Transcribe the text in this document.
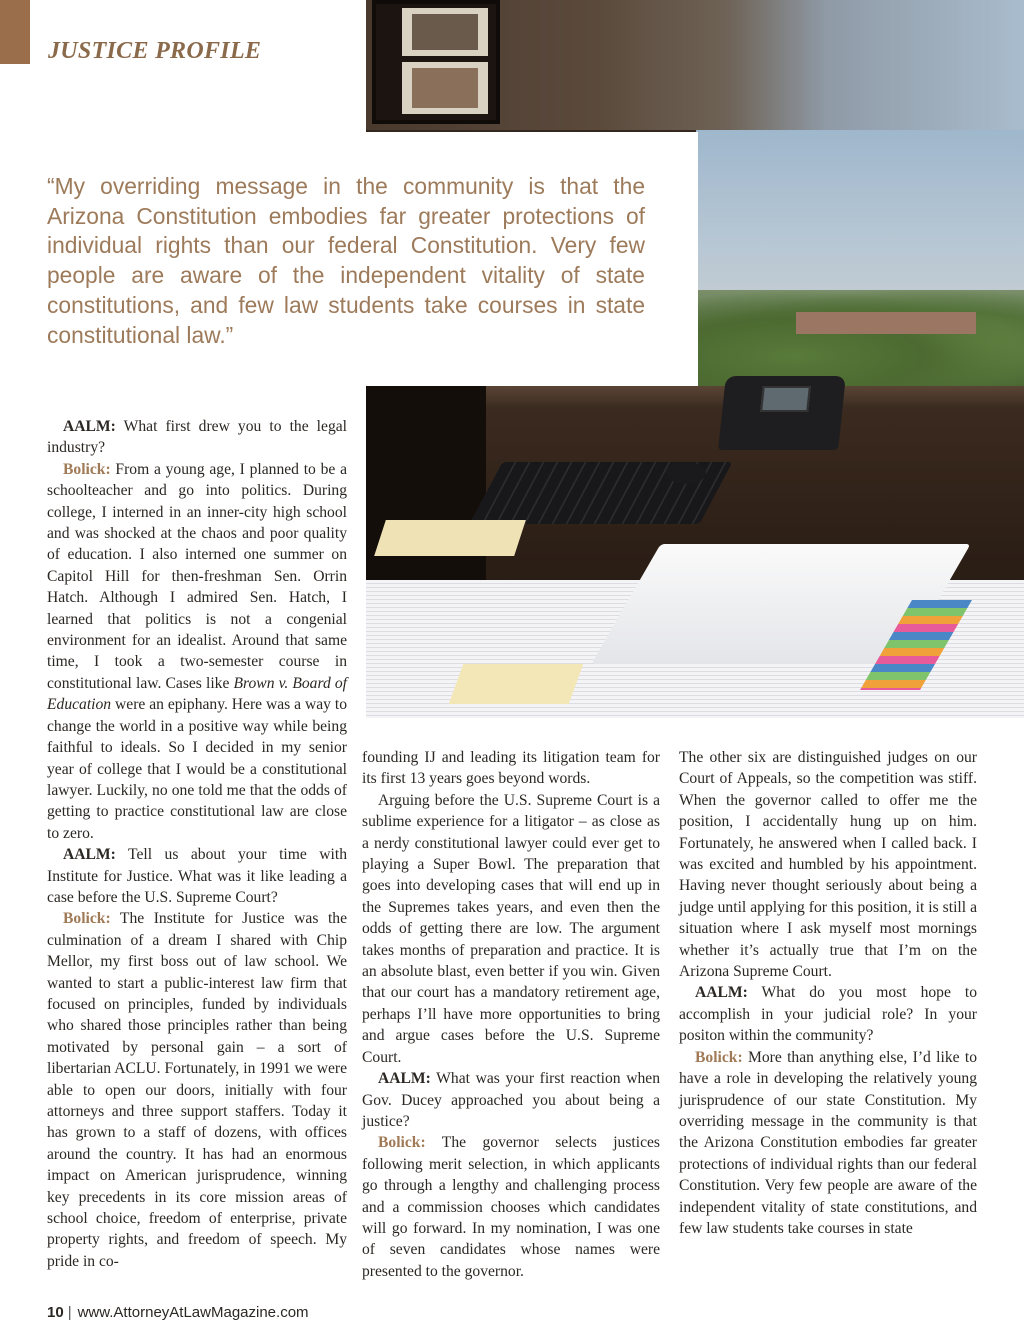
JUSTICE PROFILE

“My overriding message in the community is that the Arizona Constitution embodies far greater protections of individual rights than our federal Constitution. Very few people are aware of the independent vitality of state constitutions, and few law students take courses in state constitutional law.”

AALM: What first drew you to the legal industry?

Bolick: From a young age, I planned to be a schoolteacher and go into politics. During college, I interned in an inner-city high school and was shocked at the chaos and poor quality of education. I also interned one summer on Capitol Hill for then-freshman Sen. Orrin Hatch. Although I admired Sen. Hatch, I learned that politics is not a congenial environment for an idealist. Around that same time, I took a two-semester course in constitutional law. Cases like Brown v. Board of Education were an epiphany. Here was a way to change the world in a positive way while being faithful to ideals. So I decided in my senior year of college that I would be a constitutional lawyer. Luckily, no one told me that the odds of getting to practice constitutional law are close to zero.

AALM: Tell us about your time with Institute for Justice. What was it like leading a case before the U.S. Supreme Court?

Bolick: The Institute for Justice was the culmination of a dream I shared with Chip Mellor, my first boss out of law school. We wanted to start a public-interest law firm that focused on principles, funded by individuals who shared those principles rather than being motivated by personal gain – a sort of libertarian ACLU. Fortunately, in 1991 we were able to open our doors, initially with four attorneys and three support staffers. Today it has grown to a staff of dozens, with offices around the country. It has had an enormous impact on American jurisprudence, winning key precedents in its core mission areas of school choice, freedom of enterprise, private property rights, and freedom of speech. My pride in co-

founding IJ and leading its litigation team for its first 13 years goes beyond words.

Arguing before the U.S. Supreme Court is a sublime experience for a litigator – as close as a nerdy constitutional lawyer could ever get to playing a Super Bowl. The preparation that goes into developing cases that will end up in the Supremes takes years, and even then the odds of getting there are low. The argument takes months of preparation and practice. It is an absolute blast, even better if you win. Given that our court has a mandatory retirement age, perhaps I’ll have more opportunities to bring and argue cases before the U.S. Supreme Court.

AALM: What was your first reaction when Gov. Ducey approached you about being a justice?

Bolick: The governor selects justices following merit selection, in which applicants go through a lengthy and challenging process and a commission chooses which candidates will go forward. In my nomination, I was one of seven candidates whose names were presented to the governor.

The other six are distinguished judges on our Court of Appeals, so the competition was stiff. When the governor called to offer me the position, I accidentally hung up on him. Fortunately, he answered when I called back. I was excited and humbled by his appointment. Having never thought seriously about being a judge until applying for this position, it is still a situation where I ask myself most mornings whether it’s actually true that I’m on the Arizona Supreme Court.

AALM: What do you most hope to accomplish in your judicial role? In your positon within the community?

Bolick: More than anything else, I’d like to have a role in developing the relatively young jurisprudence of our state Constitution. My overriding message in the community is that the Arizona Constitution embodies far greater protections of individual rights than our federal Constitution. Very few people are aware of the independent vitality of state constitutions, and few law students take courses in state

10 | www.AttorneyAtLawMagazine.com
